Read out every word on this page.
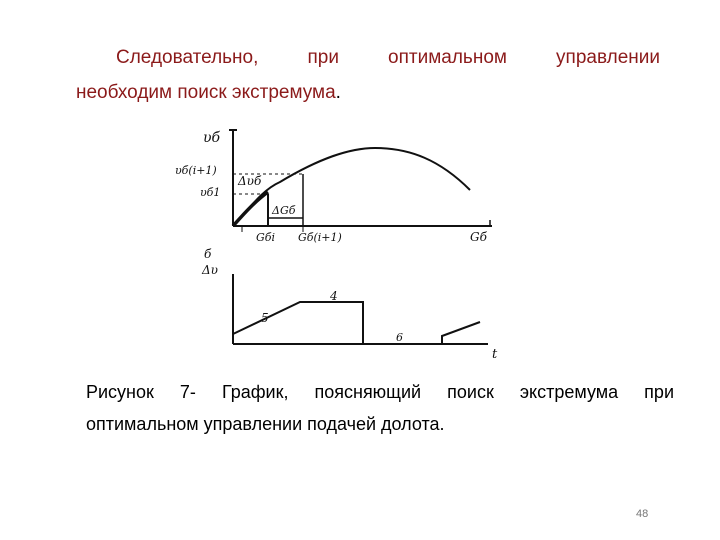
Следовательно, при оптимальном управлении
необходим поиск экстремума.
υб
υб(i+1)
υб1
Δυб
ΔGб
Gбi Gб(i+1)	Gб
б
Δυ
5
4
6
t
Рисунок 7- График, поясняющий поиск экстремума при
оптимальном управлении подачей долота.
48
